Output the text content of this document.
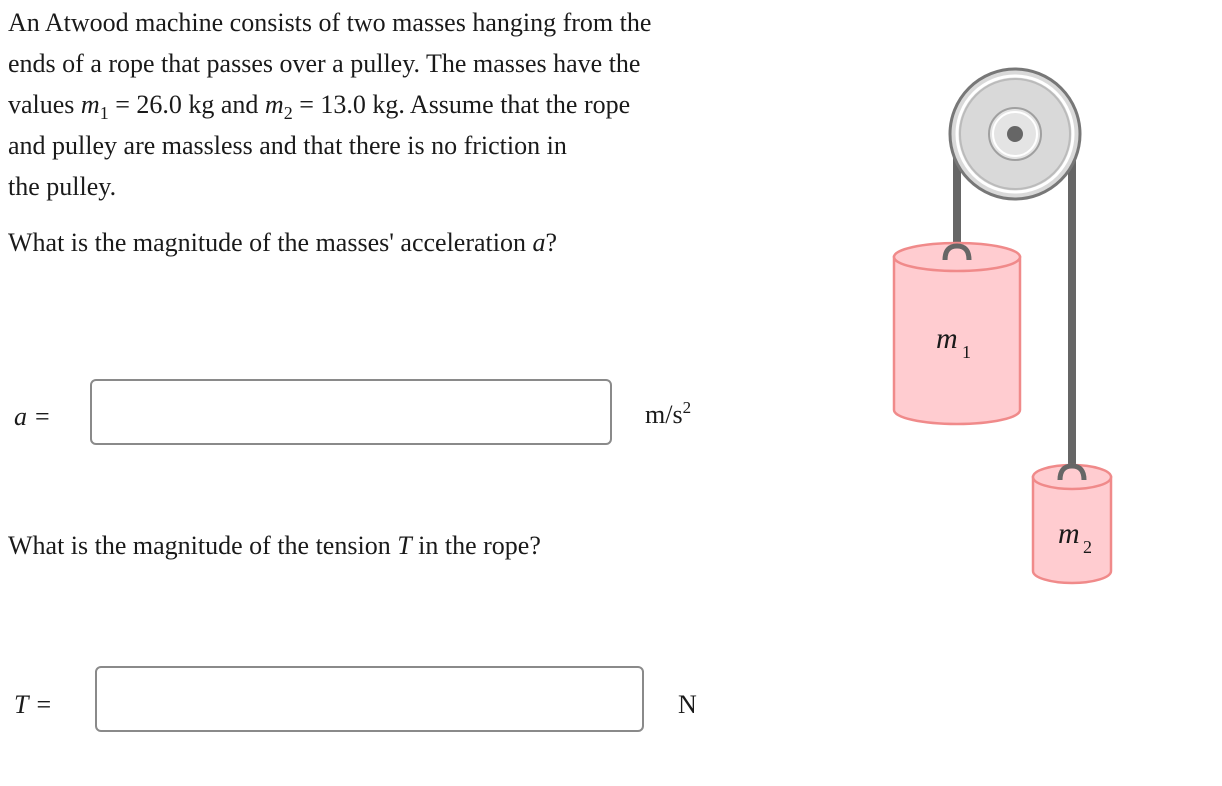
An Atwood machine consists of two masses hanging from the
ends of a rope that passes over a pulley. The masses have the
values $m_1 = 26.0$ kg and $m_2 = 13.0$ kg. Assume that the rope
and pulley are massless and that there is no friction in
the pulley.

What is the magnitude of the masses' acceleration a?
a =	$m/s^2$
What is the magnitude of the tension T in the rope?
T =	N
m 1
m 2
